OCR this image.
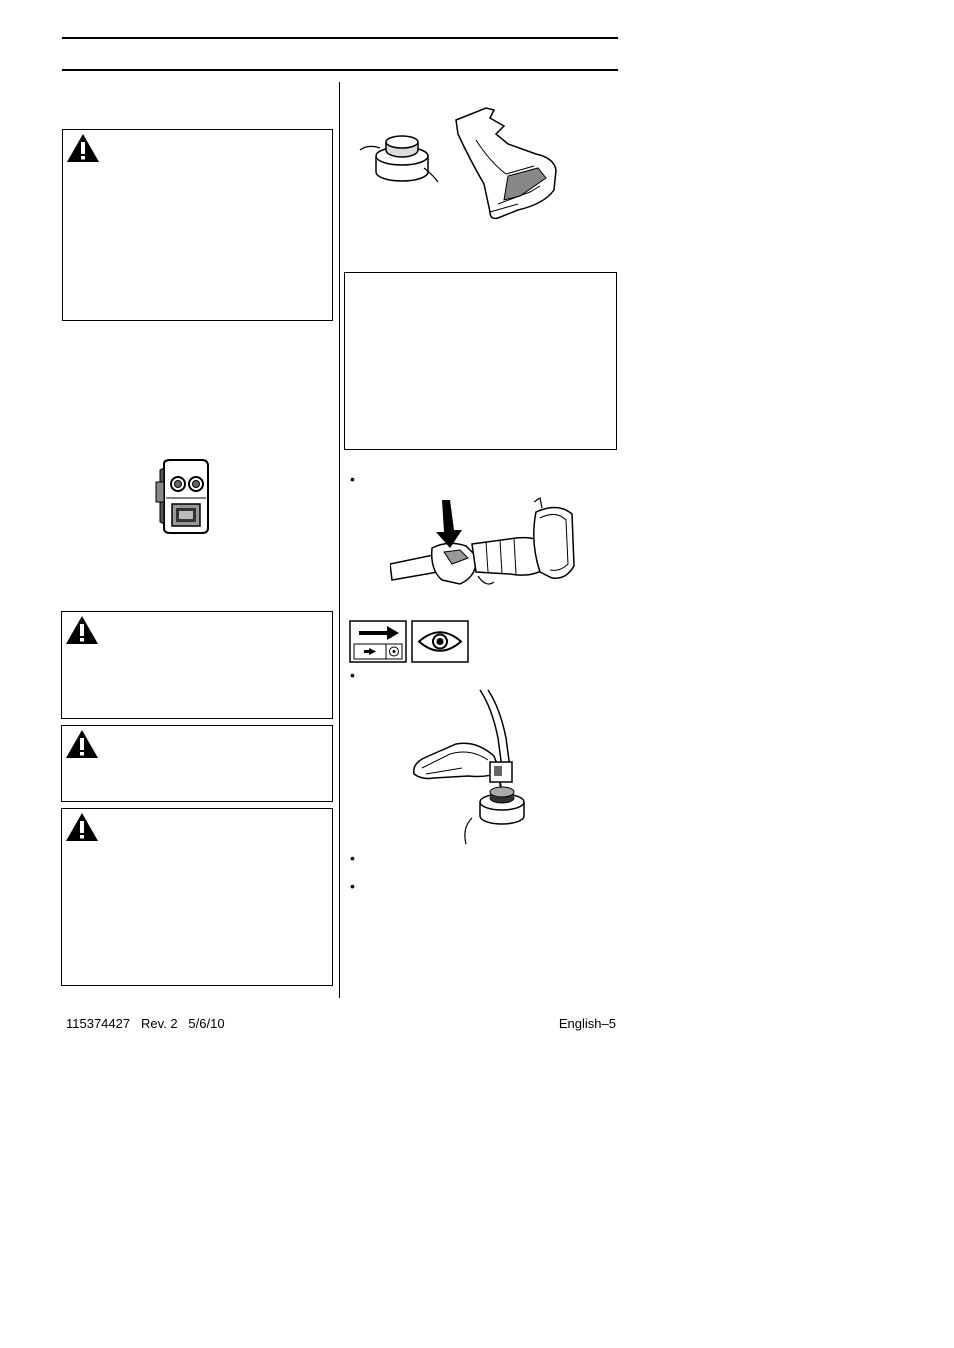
•
•
•
•
115374427 Rev. 2 5/6/10	English–5
